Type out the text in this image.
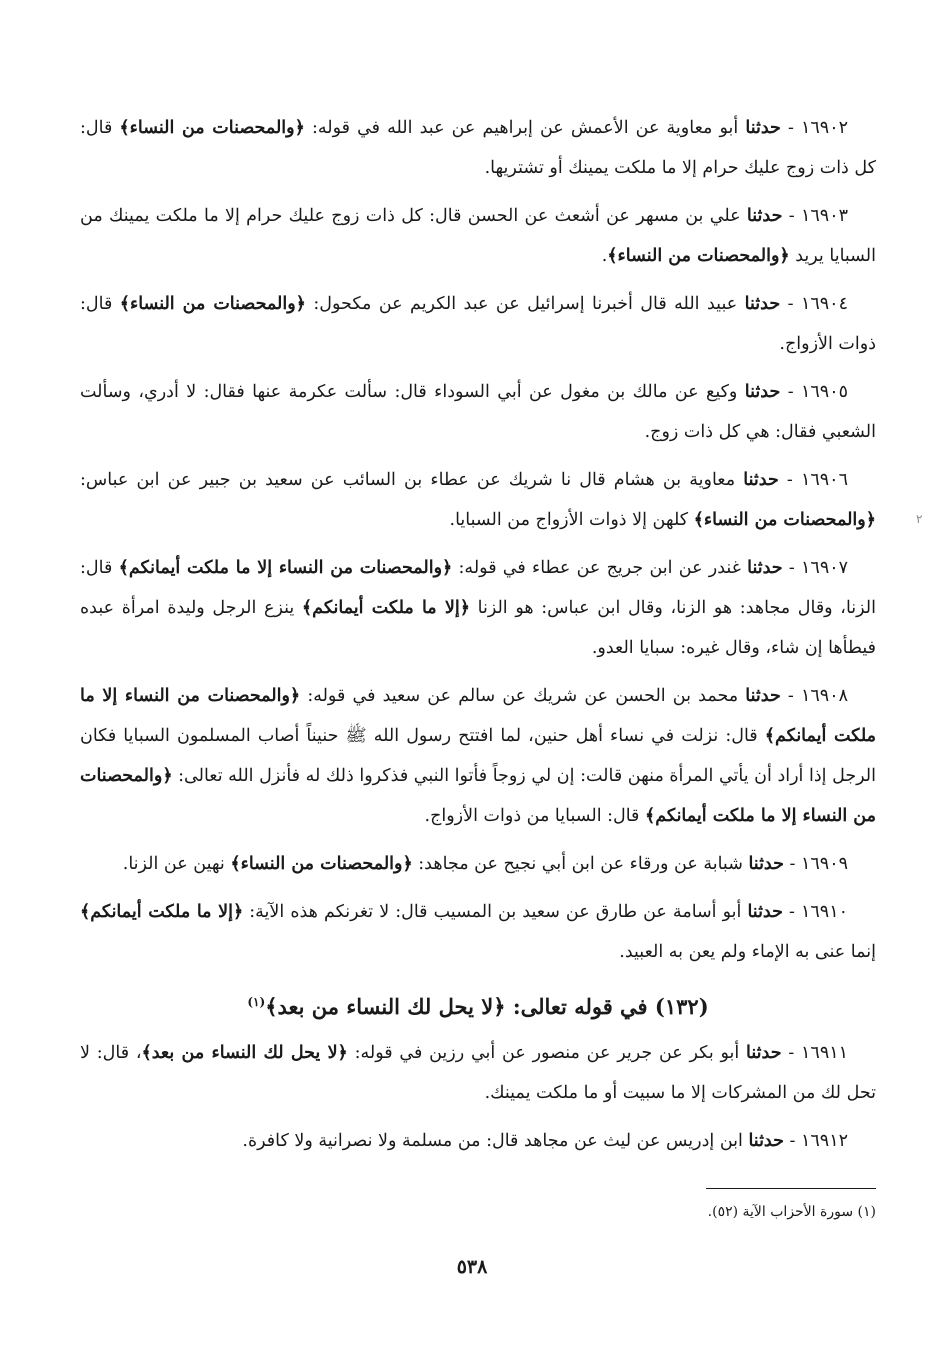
١٦٩٠٢ - حدثنا أبو معاوية عن الأعمش عن إبراهيم عن عبد الله في قوله: ﴿والمحصنات من النساء﴾ قال: كل ذات زوج عليك حرام إلا ما ملكت يمينك أو تشتريها.

١٦٩٠٣ - حدثنا علي بن مسهر عن أشعث عن الحسن قال: كل ذات زوج عليك حرام إلا ما ملكت يمينك من السبايا يريد ﴿والمحصنات من النساء﴾.

١٦٩٠٤ - حدثنا عبيد الله قال أخبرنا إسرائيل عن عبد الكريم عن مكحول: ﴿والمحصنات من النساء﴾ قال: ذوات الأزواج.

١٦٩٠٥ - حدثنا وكيع عن مالك بن مغول عن أبي السوداء قال: سألت عكرمة عنها فقال: لا أدري، وسألت الشعبي فقال: هي كل ذات زوج.

١٦٩٠٦ - حدثنا معاوية بن هشام قال نا شريك عن عطاء بن السائب عن سعيد بن جبير عن ابن عباس: ﴿والمحصنات من النساء﴾ كلهن إلا ذوات الأزواج من السبايا.

١٦٩٠٧ - حدثنا غندر عن ابن جريج عن عطاء في قوله: ﴿والمحصنات من النساء إلا ما ملكت أيمانكم﴾ قال: الزنا، وقال مجاهد: هو الزنا، وقال ابن عباس: هو الزنا ﴿إلا ما ملكت أيمانكم﴾ ينزع الرجل وليدة امرأة عبده فيطأها إن شاء، وقال غيره: سبايا العدو.

١٦٩٠٨ - حدثنا محمد بن الحسن عن شريك عن سالم عن سعيد في قوله: ﴿والمحصنات من النساء إلا ما ملكت أيمانكم﴾ قال: نزلت في نساء أهل حنين، لما افتتح رسول الله ﷺ حنيناً أصاب المسلمون السبايا فكان الرجل إذا أراد أن يأتي المرأة منهن قالت: إن لي زوجاً فأتوا النبي فذكروا ذلك له فأنزل الله تعالى: ﴿والمحصنات من النساء إلا ما ملكت أيمانكم﴾ قال: السبايا من ذوات الأزواج.

١٦٩٠٩ - حدثنا شبابة عن ورقاء عن ابن أبي نجيح عن مجاهد: ﴿والمحصنات من النساء﴾ نهين عن الزنا.

١٦٩١٠ - حدثنا أبو أسامة عن طارق عن سعيد بن المسيب قال: لا تغرنكم هذه الآية: ﴿إلا ما ملكت أيمانكم﴾ إنما عنى به الإماء ولم يعن به العبيد.

(١٣٢) في قوله تعالى: ﴿لا يحل لك النساء من بعد﴾$^{(١)}$

١٦٩١١ - حدثنا أبو بكر عن جرير عن منصور عن أبي رزين في قوله: ﴿لا يحل لك النساء من بعد﴾، قال: لا تحل لك من المشركات إلا ما سبيت أو ما ملكت يمينك.

١٦٩١٢ - حدثنا ابن إدريس عن ليث عن مجاهد قال: من مسلمة ولا نصرانية ولا كافرة.

٢
(١) سورة الأحزاب الآية (٥٢).
٥٣٨
